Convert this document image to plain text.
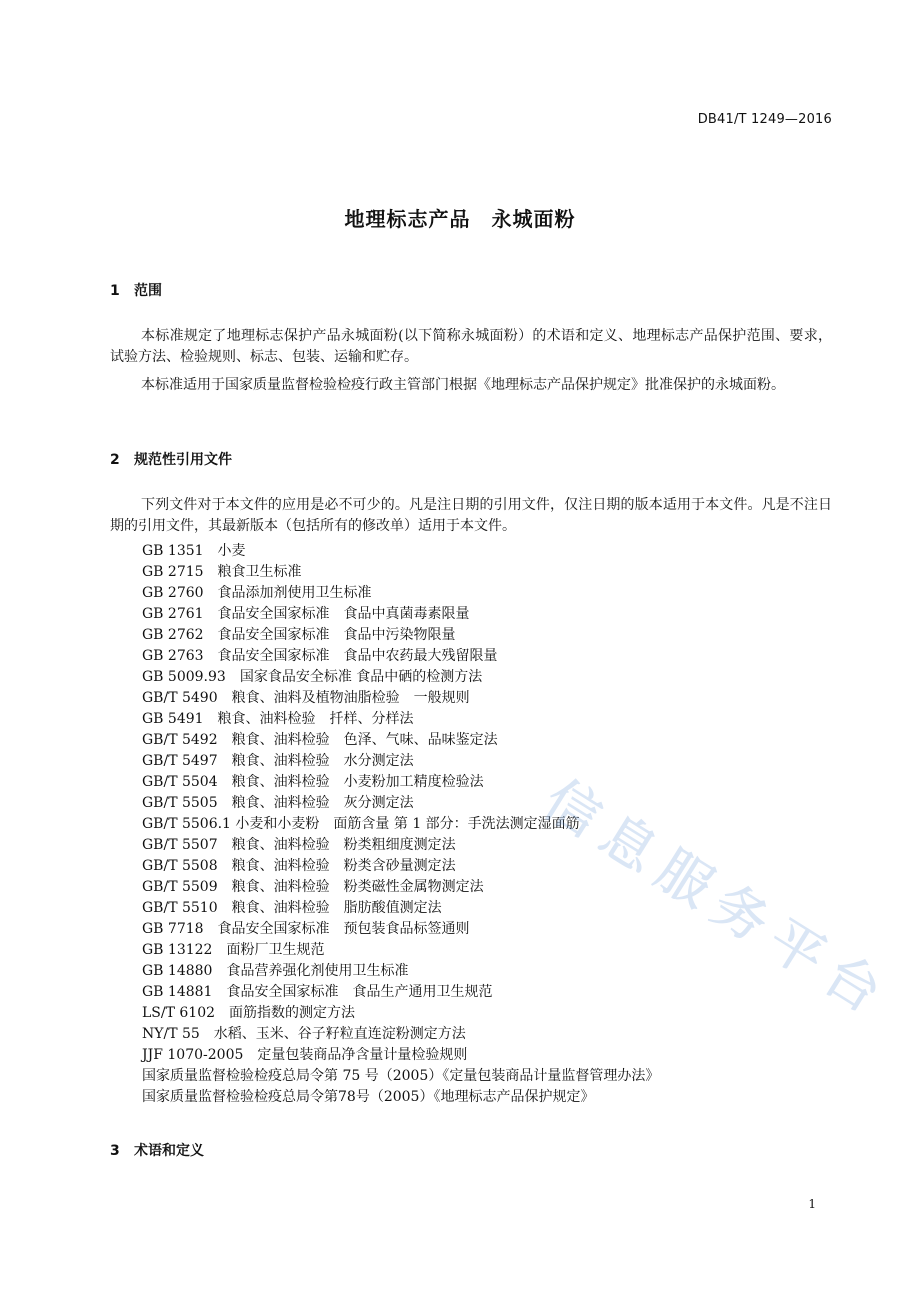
DB41/T 1249—2016
地理标志产品　永城面粉
1 范围
本标准规定了地理标志保护产品永城面粉(以下简称永城面粉）的术语和定义、地理标志产品保护范围、要求，试验方法、检验规则、标志、包装、运输和贮存。
本标准适用于国家质量监督检验检疫行政主管部门根据《地理标志产品保护规定》批准保护的永城面粉。
2 规范性引用文件
下列文件对于本文件的应用是必不可少的。凡是注日期的引用文件，仅注日期的版本适用于本文件。凡是不注日期的引用文件，其最新版本（包括所有的修改单）适用于本文件。
GB 1351　小麦
GB 2715　粮食卫生标准
GB 2760　食品添加剂使用卫生标准
GB 2761　食品安全国家标准　食品中真菌毒素限量
GB 2762　食品安全国家标准　食品中污染物限量
GB 2763　食品安全国家标准　食品中农药最大残留限量
GB 5009.93　国家食品安全标准 食品中硒的检测方法
GB/T 5490　粮食、油料及植物油脂检验　一般规则
GB 5491　粮食、油料检验　扦样、分样法
GB/T 5492　粮食、油料检验　色泽、气味、品味鉴定法
GB/T 5497　粮食、油料检验　水分测定法
GB/T 5504　粮食、油料检验　小麦粉加工精度检验法
GB/T 5505　粮食、油料检验　灰分测定法
GB/T 5506.1 小麦和小麦粉　面筋含量 第 1 部分：手洗法测定湿面筋
GB/T 5507　粮食、油料检验　粉类粗细度测定法
GB/T 5508　粮食、油料检验　粉类含砂量测定法
GB/T 5509　粮食、油料检验　粉类磁性金属物测定法
GB/T 5510　粮食、油料检验　脂肪酸值测定法
GB 7718　食品安全国家标准　预包装食品标签通则
GB 13122　面粉厂卫生规范
GB 14880　食品营养强化剂使用卫生标准
GB 14881　食品安全国家标准　食品生产通用卫生规范
LS/T 6102　面筋指数的测定方法
NY/T 55　水稻、玉米、谷子籽粒直连淀粉测定方法
JJF 1070-2005　定量包装商品净含量计量检验规则
国家质量监督检验检疫总局令第 75 号（2005）《定量包装商品计量监督管理办法》
国家质量监督检验检疫总局令第78号（2005）《地理标志产品保护规定》
3 术语和定义
1
信息服务平台
